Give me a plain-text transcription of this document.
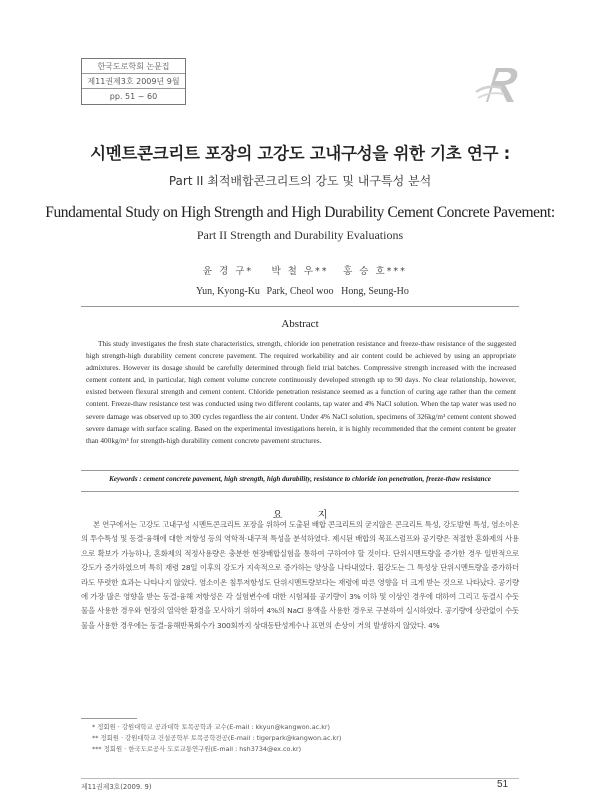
한국도로학회 논문집
제11권제3호 2009년 9월
pp. 51 ~ 60
시멘트콘크리트 포장의 고강도 고내구성을 위한 기초 연구 :
Part II 최적배합콘크리트의 강도 및 내구특성 분석
Fundamental Study on High Strength and High Durability Cement Concrete Pavement:
Part II Strength and Durability Evaluations
윤 경 구*
Yun, Kyong-Ku
박 철 우**
Park, Cheol woo
홍 승 호***
Hong, Seung-Ho
Abstract
This study investigates the fresh state characteristics, strength, chloride ion penetration resistance and freeze-thaw resistance of the suggested high strength-high durability cement concrete pavement. The required workability and air content could be achieved by using an appropriate admixtures. However its dosage should be carefully determined through field trial batches. Compressive strength increased with the increased cement content and, in particular, high cement volume concrete continuously developed strength up to 90 days. No clear relationship, however, existed between flexural strength and cement content. Chloride penetration resistance seemed as a function of curing age rather than the cement content. Freeze-thaw resistance test was conducted using two different coolants, tap water and 4% NaCl solution. When the tap water was used no severe damage was observed up to 300 cycles regardless the air content. Under 4% NaCl solution, specimens of 326kg/m³ cement content showed severe damage with surface scaling. Based on the experimental investigations herein, it is highly recommended that the cement content be greater than 400kg/m³ for strength-high durability cement concrete pavement structures.
Keywords : cement concrete pavement, high strength, high durability, resistance to chloride ion penetration, freeze-thaw resistance
요 지
본 연구에서는 고강도 고내구성 시멘트콘크리트 포장을 위하여 도출된 배합 콘크리트의 굳지않은 콘크리트 특성, 강도발현 특성, 염소이온의 투수특성 및 동결-융해에 대한 저항성 등의 역학적·내구적 특성을 분석하였다. 제시된 배합의 목표스럼프와 공기량은 적절한 혼화제의 사용으로 확보가 가능하나, 혼화제의 적정사용량은 충분한 현장배합실험을 통하여 구하여야 할 것이다. 단위시멘트량을 증가한 경우 일반적으로 강도가 증가하였으며 특히 재령 28일 이후의 강도가 지속적으로 증가하는 양상을 나타내었다. 휨강도는 그 특성상 단위시멘트량을 증가하더라도 뚜렷한 효과는 나타나지 않았다. 염소이온 침투저항성도 단위시멘트량보다는 재령에 따른 영향을 더 크게 받는 것으로 나타났다. 공기량에 가장 많은 영향을 받는 동결-융해 저항성은 각 실험변수에 대한 시험체를 공기량이 3% 이하 및 이상인 경우에 대하여 그리고 동결시 수돗물을 사용한 경우와 현장의 열악한 환경을 모사하기 위하여 4%의 NaCl 용액을 사용한 경우로 구분하여 실시하였다. 공기량에 상관없이 수돗물을 사용한 경우에는 동결-융해반복회수가 300회까지 상대동탄성계수나 표면의 손상이 거의 발생하지 않았다. 4%
* 정회원 · 강원대학교 공과대학 토목공학과 교수(E-mail : kkyun@kangwon.ac.kr)
** 정회원 · 강원대학교 건설공학부 토목공학전공(E-mail : tigerpark@kangwon.ac.kr)
*** 정회원 · 한국도로공사 도로교통연구원(E-mail : hsh3734@ex.co.kr)
제11권제3호(2009. 9)	51
